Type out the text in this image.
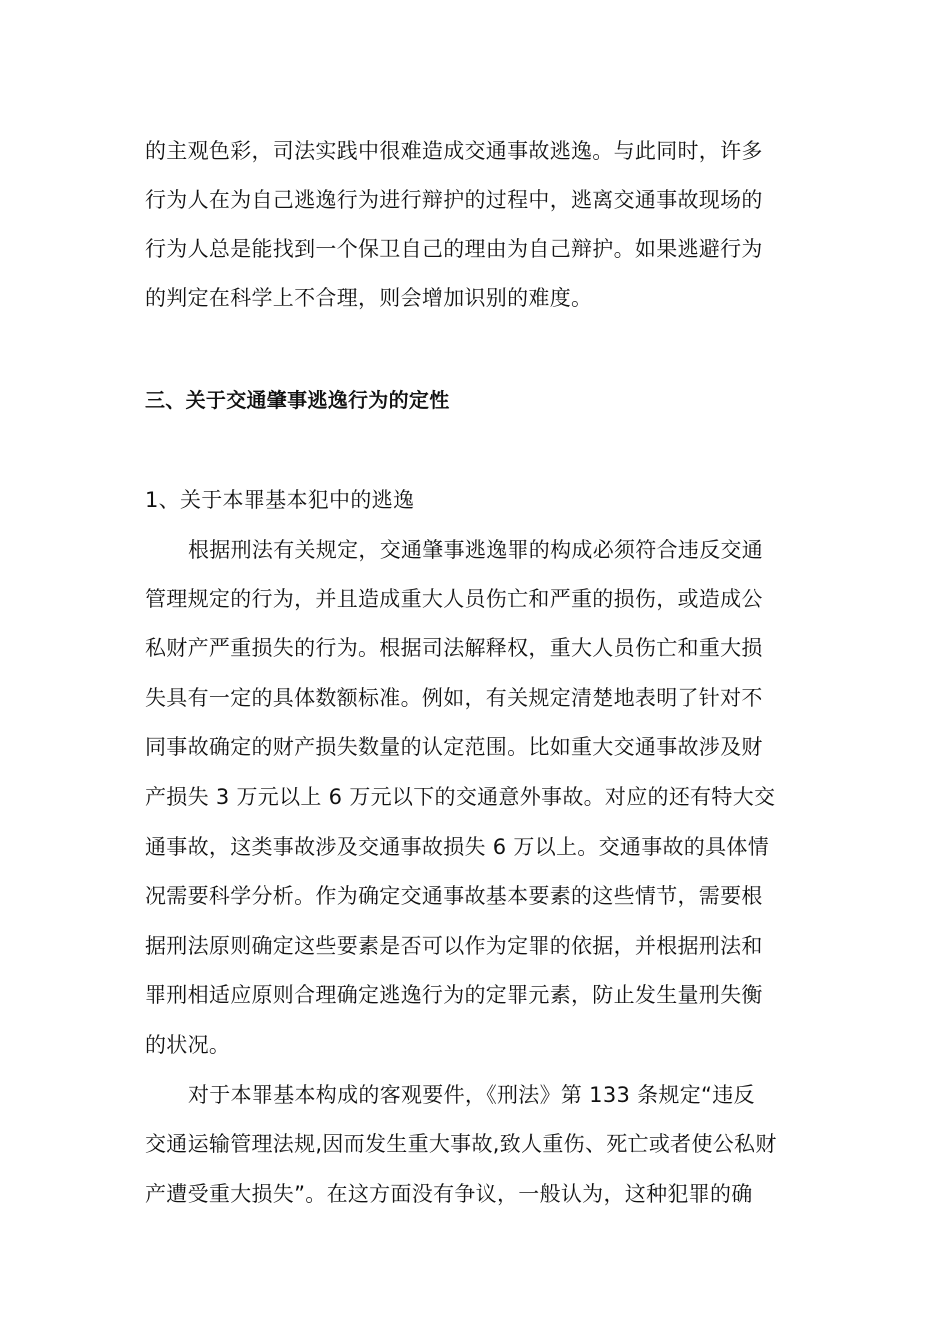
的主观色彩，司法实践中很难造成交通事故逃逸。与此同时，许多
行为人在为自己逃逸行为进行辩护的过程中，逃离交通事故现场的
行为人总是能找到一个保卫自己的理由为自己辩护。如果逃避行为
的判定在科学上不合理，则会增加识别的难度。
三、关于交通肇事逃逸行为的定性
1、关于本罪基本犯中的逃逸
根据刑法有关规定，交通肇事逃逸罪的构成必须符合违反交通
管理规定的行为，并且造成重大人员伤亡和严重的损伤，或造成公
私财产严重损失的行为。根据司法解释权，重大人员伤亡和重大损
失具有一定的具体数额标准。例如，有关规定清楚地表明了针对不
同事故确定的财产损失数量的认定范围。比如重大交通事故涉及财
产损失 3 万元以上 6 万元以下的交通意外事故。对应的还有特大交
通事故，这类事故涉及交通事故损失 6 万以上。交通事故的具体情
况需要科学分析。作为确定交通事故基本要素的这些情节，需要根
据刑法原则确定这些要素是否可以作为定罪的依据，并根据刑法和
罪刑相适应原则合理确定逃逸行为的定罪元素，防止发生量刑失衡
的状况。
对于本罪基本构成的客观要件，《刑法》第 133 条规定“违反
交通运输管理法规,因而发生重大事故,致人重伤、死亡或者使公私财
产遭受重大损失”。在这方面没有争议，一般认为，这种犯罪的确
